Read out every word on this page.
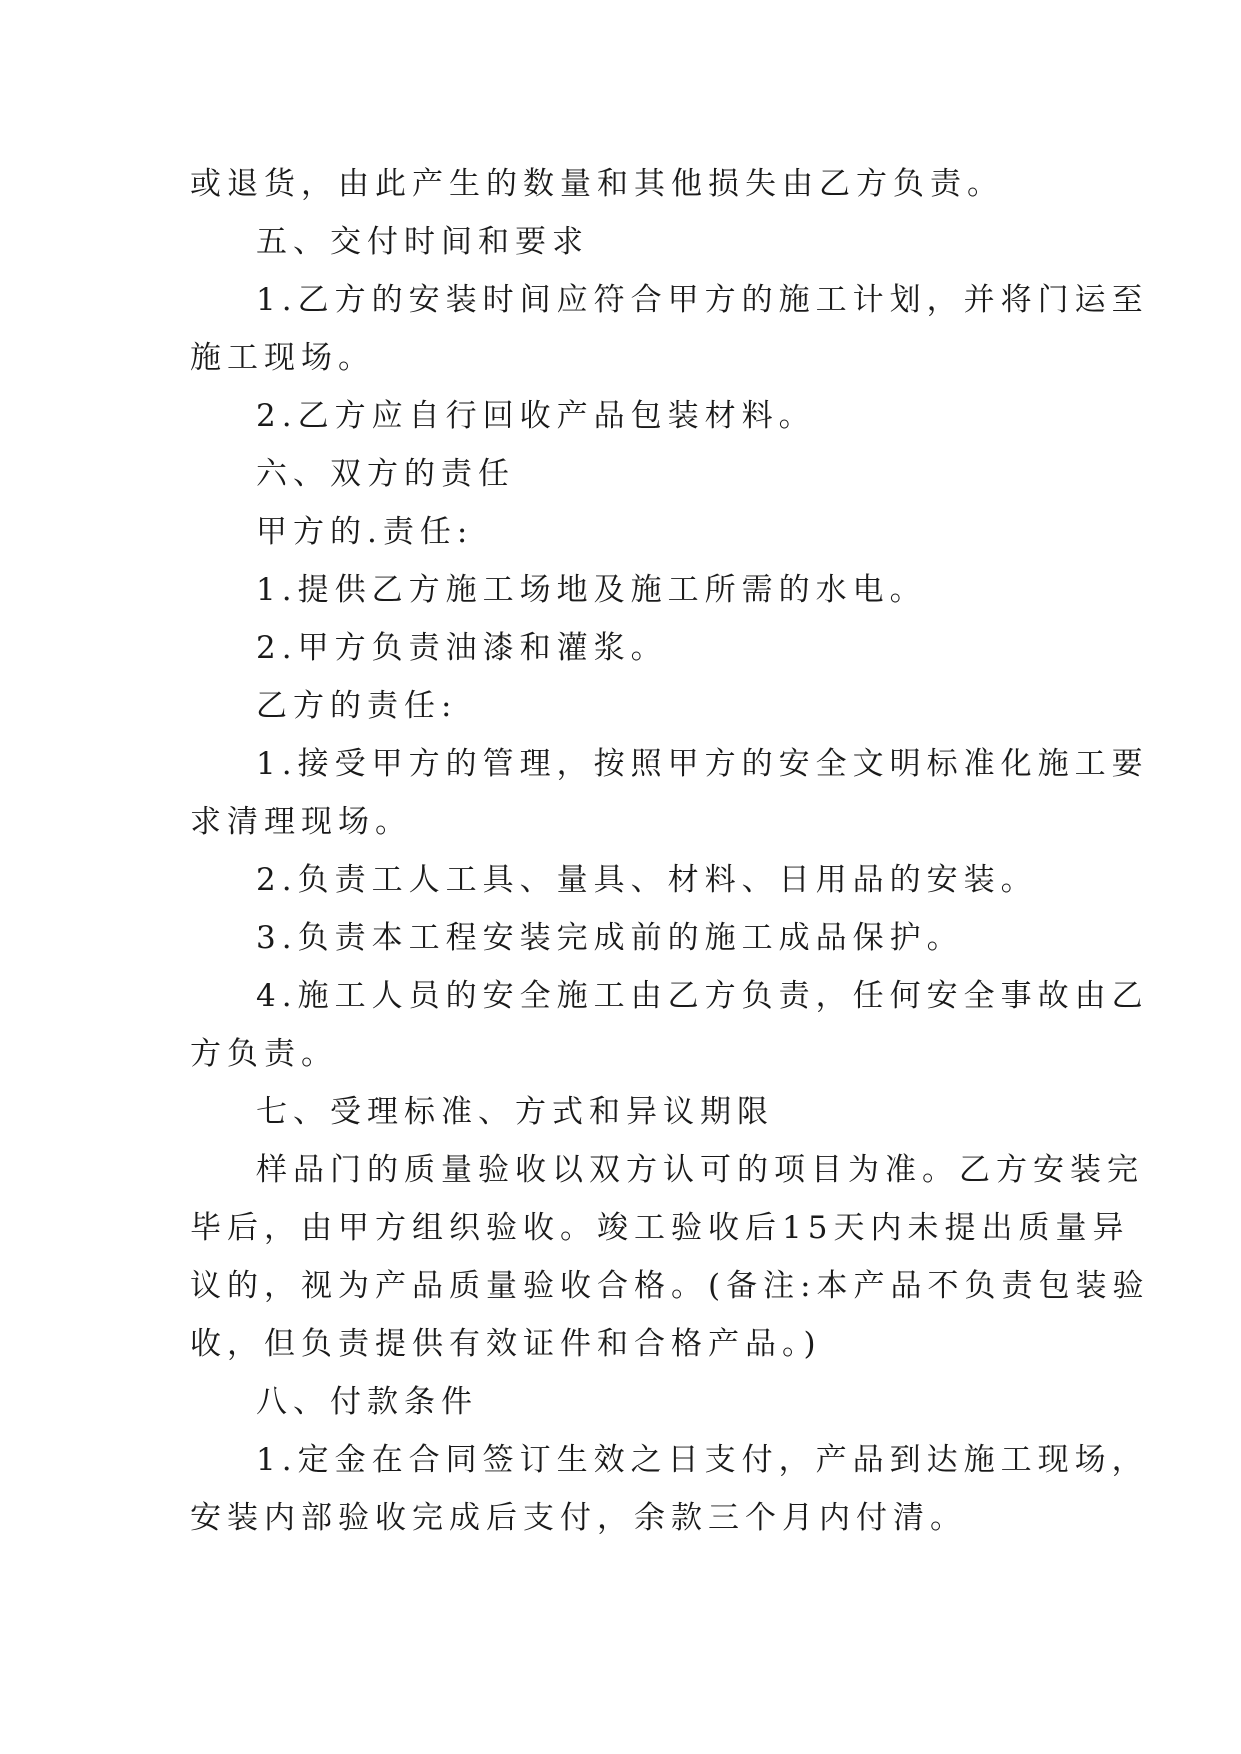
或退货，由此产生的数量和其他损失由乙方负责。

五、交付时间和要求

1.乙方的安装时间应符合甲方的施工计划，并将门运至

施工现场。

2.乙方应自行回收产品包装材料。

六、双方的责任

甲方的.责任:

1.提供乙方施工场地及施工所需的水电。

2.甲方负责油漆和灌浆。

乙方的责任:

1.接受甲方的管理，按照甲方的安全文明标准化施工要

求清理现场。

2.负责工人工具、量具、材料、日用品的安装。

3.负责本工程安装完成前的施工成品保护。

4.施工人员的安全施工由乙方负责，任何安全事故由乙

方负责。

七、受理标准、方式和异议期限

样品门的质量验收以双方认可的项目为准。乙方安装完

毕后，由甲方组织验收。竣工验收后15天内未提出质量异

议的，视为产品质量验收合格。(备注:本产品不负责包装验

收，但负责提供有效证件和合格产品。)

八、付款条件

1.定金在合同签订生效之日支付，产品到达施工现场，

安装内部验收完成后支付，余款三个月内付清。
